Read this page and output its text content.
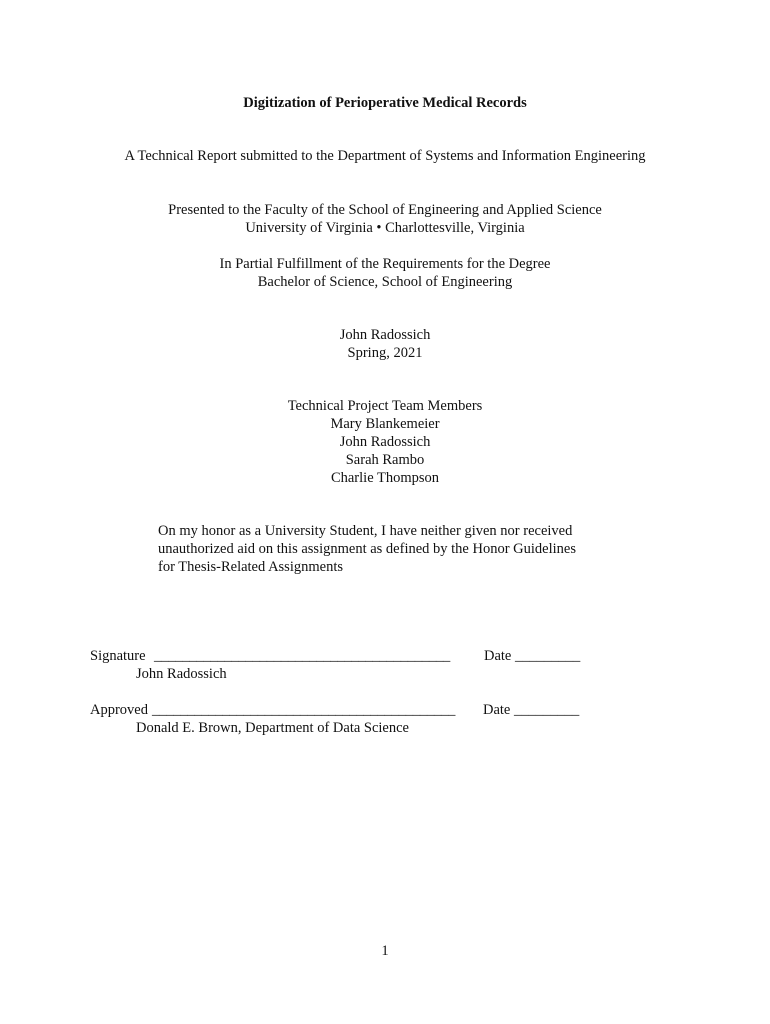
Digitization of Perioperative Medical Records
A Technical Report submitted to the Department of Systems and Information Engineering
Presented to the Faculty of the School of Engineering and Applied Science
University of Virginia • Charlottesville, Virginia
In Partial Fulfillment of the Requirements for the Degree
Bachelor of Science, School of Engineering
John Radossich
Spring, 2021
Technical Project Team Members
Mary Blankemeier
John Radossich
Sarah Rambo
Charlie Thompson
On my honor as a University Student, I have neither given nor received
unauthorized aid on this assignment as defined by the Honor Guidelines
for Thesis-Related Assignments
Signature __________________________________________ Date _________
John Radossich
Approved ___________________________________________ Date _________
Donald E. Brown, Department of Data Science
1
